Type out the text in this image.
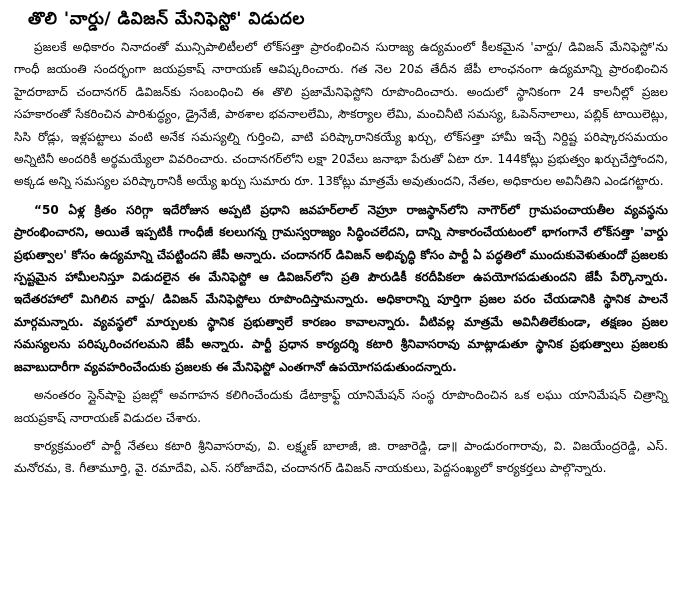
తొలి 'వార్డు/ డివిజన్ మేనిఫెస్టో' విడుదల

ప్రజలకే అధికారం నినాదంతో మున్సిపాలిటీలలో లోక్‌సత్తా ప్రారంభించిన సురాజ్య ఉద్యమంలో కీలకమైన 'వార్డు/ డివిజన్ మేనిఫెస్టో'ను గాంధీ జయంతి సందర్భంగా జయప్రకాష్ నారాయణ్ ఆవిష్కరించారు. గత నెల 20వ తేదీన జేపీ లాంఛనంగా ఉద్యమాన్ని ప్రారంభించిన హైదరాబాద్ చందానగర్ డివిజన్‌కు సంబంధించి ఈ తొలి ప్రజామేనిఫెస్టోని రూపొందించారు. అందులో స్థానికంగా 24 కాలనీల్లో ప్రజల సహకారంతో సేకరించిన పారిశుద్ధ్యం, డ్రైనేజీ, పాఠశాల భవనాలలేమి, సౌకర్యాల లేమి, మంచినీటి సమస్య, ఓపెన్‌నాలాలు, పబ్లిక్ టాయిలెట్లు, సిసి రోడ్లు, ఇళ్లపట్టాలు వంటి అనేక సమస్యల్ని గుర్తించి, వాటి పరిష్కారానికయ్యే ఖర్చు, లోక్‌సత్తా హామీ ఇచ్చే నిర్దిష్ట పరిష్కారసమయం అన్నిటినీ అందరికీ అర్థమయ్యేలా వివరించారు. చందానగర్‌లోని లక్షా 20వేలు జనాభా పేరుతో ఏటా రూ. 144కోట్లు ప్రభుత్వం ఖర్చుచేస్తోందని, అక్కడ అన్ని సమస్యల పరిష్కారానికీ అయ్యే ఖర్చు సుమారు రూ. 13కోట్లు మాత్రమే అవుతుందని, నేతల, అధికారుల అవినీతిని ఎండగట్టారు.

“50 ఏళ్ల క్రితం సరిగ్గా ఇదేరోజున అప్పటి ప్రధాని జవహర్‌లాల్ నెహ్రూ రాజస్థాన్‌లోని నాగౌర్‌లో గ్రామపంచాయతీల వ్యవస్థను ప్రారంభించారని, అయితే ఇప్పటికీ గాంధీజీ కలలుగన్న గ్రామస్వరాజ్యం సిద్ధించలేదని, దాన్ని సాకారంచేయటంలో భాగంగానే లోక్‌సత్తా 'వార్డు ప్రభుత్వాల' కోసం ఉద్యమాన్ని చేపట్టిందని జేపీ అన్నారు. చందానగర్ డివిజన్ అభివృద్ధి కోసం పార్టీ ఏ పద్ధతిలో ముందుకువెళుతుందో ప్రజలకు స్పష్టమైన హామీలనిస్తూ విడుదలైన ఈ మేనిఫెస్టో ఆ డివిజన్‌లోని ప్రతి పౌరుడికీ కరదీపికలా ఉపయోగపడుతుందని జేపీ పేర్కొన్నారు. ఇదేతరహాలో మిగిలిన వార్డు/ డివిజన్ మేనిఫెస్టోలు రూపొందిస్తామన్నారు. అధికారాన్ని పూర్తిగా ప్రజల పరం చేయడానికి స్థానిక పాలనే మార్గమన్నారు. వ్యవస్థలో మార్పులకు స్థానిక ప్రభుత్వాలే కారణం కావాలన్నారు. వీటివల్ల మాత్రమే అవినీతిలేకుండా, తక్షణం ప్రజల సమస్యలను పరిష్కరించగలమని జేపీ అన్నారు. పార్టీ ప్రధాన కార్యదర్శి కటారి శ్రీనివాసరావు మాట్లాడుతూ స్థానిక ప్రభుత్వాలు ప్రజలకు జవాబుదారీగా వ్యవహరించేందుకు ప్రజలకు ఈ మేనిఫెస్టో ఎంతగానో ఉపయోగపడుతుందన్నారు.

అనంతరం స్లైన్‌షాపై ప్రజల్లో అవగాహన కలిగించేందుకు డేటాక్రాఫ్ట్ యానిమేషన్ సంస్థ రూపొందించిన ఒక లఘు యానిమేషన్ చిత్రాన్ని జయప్రకాష్ నారాయణ్ విడుదల చేశారు.

కార్యక్రమంలో పార్టీ నేతలు కటారి శ్రీనివాసరావు, వి. లక్ష్మణ్ బాలాజీ, జి. రాజారెడ్డి, డా॥ పాండురంగారావు, వి. విజయేంద్రరెడ్డి, ఎస్. మనోరమ, కె. గీతామూర్తి, వై. రమాదేవి, ఎన్. సరోజాదేవి, చందానగర్ డివిజన్ నాయకులు, పెద్దసంఖ్యలో కార్యకర్తలు పాల్గొన్నారు.
